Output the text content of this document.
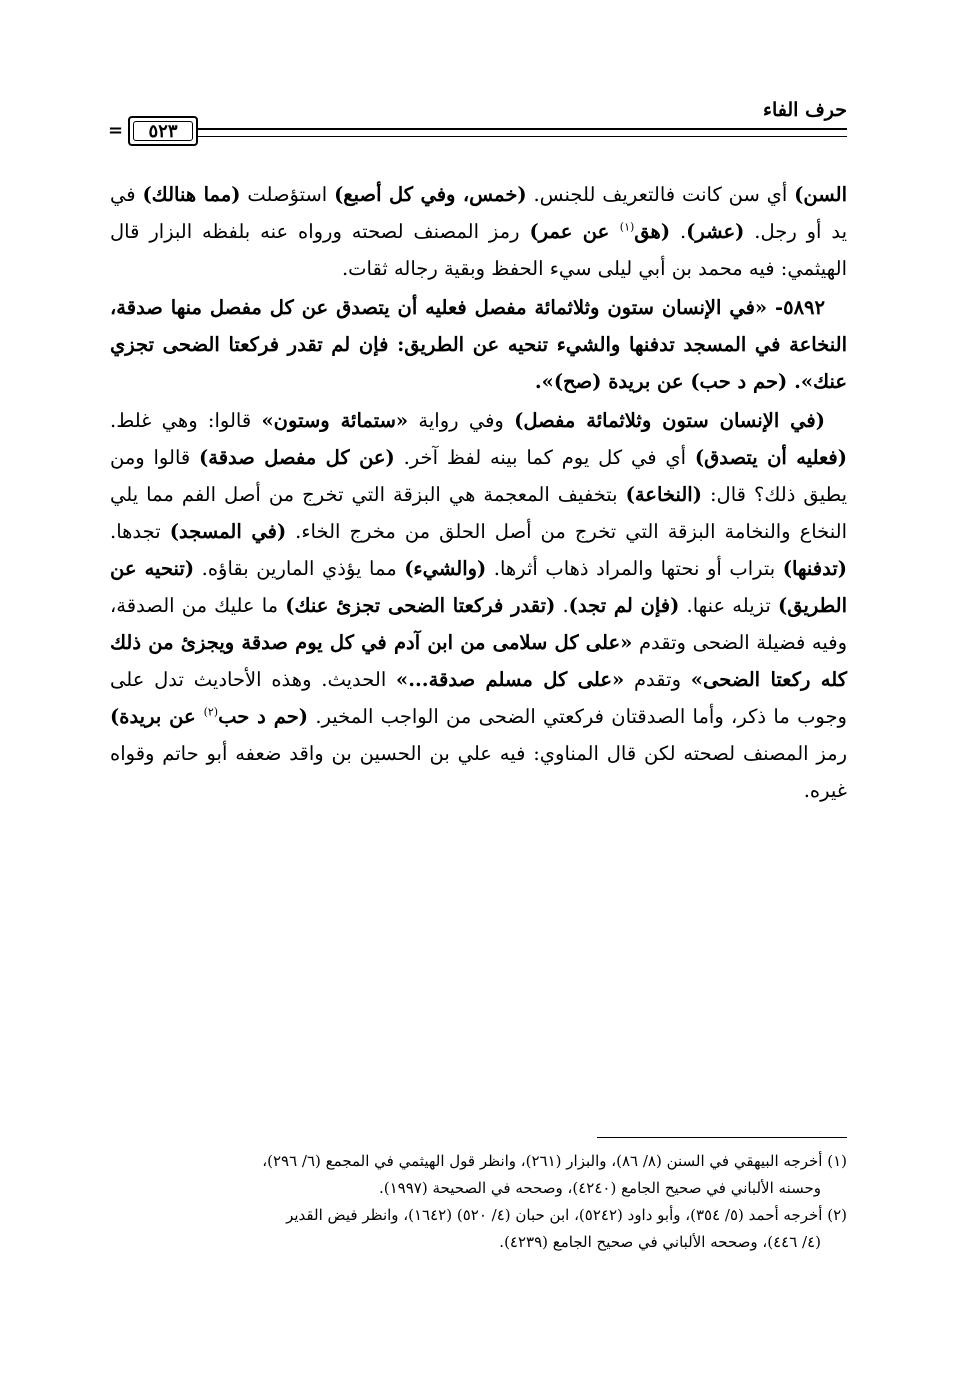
حرف الفاء
٥٢٣
=

السن) أي سن كانت فالتعريف للجنس. (خمس، وفي كل أصبع) استؤصلت (مما هنالك) في يد أو رجل. (عشر). (هق$^{(١)}$ عن عمر) رمز المصنف لصحته ورواه عنه بلفظه البزار قال الهيثمي: فيه محمد بن أبي ليلى سيء الحفظ وبقية رجاله ثقات.

٥٨٩٢- «في الإنسان ستون وثلاثمائة مفصل فعليه أن يتصدق عن كل مفصل منها صدقة، النخاعة في المسجد تدفنها والشيء تنحيه عن الطريق: فإن لم تقدر فركعتا الضحى تجزي عنك». (حم د حب) عن بريدة (صح)».

(في الإنسان ستون وثلاثمائة مفصل) وفي رواية «ستمائة وستون» قالوا: وهي غلط. (فعليه أن يتصدق) أي في كل يوم كما بينه لفظ آخر. (عن كل مفصل صدقة) قالوا ومن يطيق ذلك؟ قال: (النخاعة) بتخفيف المعجمة هي البزقة التي تخرج من أصل الفم مما يلي النخاع والنخامة البزقة التي تخرج من أصل الحلق من مخرج الخاء. (في المسجد) تجدها. (تدفنها) بتراب أو نحتها والمراد ذهاب أثرها. (والشيء) مما يؤذي المارين بقاؤه. (تنحيه عن الطريق) تزيله عنها. (فإن لم تجد). (تقدر فركعتا الضحى تجزئ عنك) ما عليك من الصدقة، وفيه فضيلة الضحى وتقدم «على كل سلامى من ابن آدم في كل يوم صدقة ويجزئ من ذلك كله ركعتا الضحى» وتقدم «على كل مسلم صدقة...» الحديث. وهذه الأحاديث تدل على وجوب ما ذكر، وأما الصدقتان فركعتي الضحى من الواجب المخير. (حم د حب$^{(٢)}$ عن بريدة) رمز المصنف لصحته لكن قال المناوي: فيه علي بن الحسين بن واقد ضعفه أبو حاتم وقواه غيره.

(١) أخرجه البيهقي في السنن (٨/ ٨٦)، والبزار (٢٦١)، وانظر قول الهيثمي في المجمع (٦/ ٢٩٦)،

وحسنه الألباني في صحيح الجامع (٤٢٤٠)، وصححه في الصحيحة (١٩٩٧).

(٢) أخرجه أحمد (٥/ ٣٥٤)، وأبو داود (٥٢٤٢)، ابن حبان (٤/ ٥٢٠) (١٦٤٢)، وانظر فيض القدير

(٤/ ٤٤٦)، وصححه الألباني في صحيح الجامع (٤٢٣٩).
